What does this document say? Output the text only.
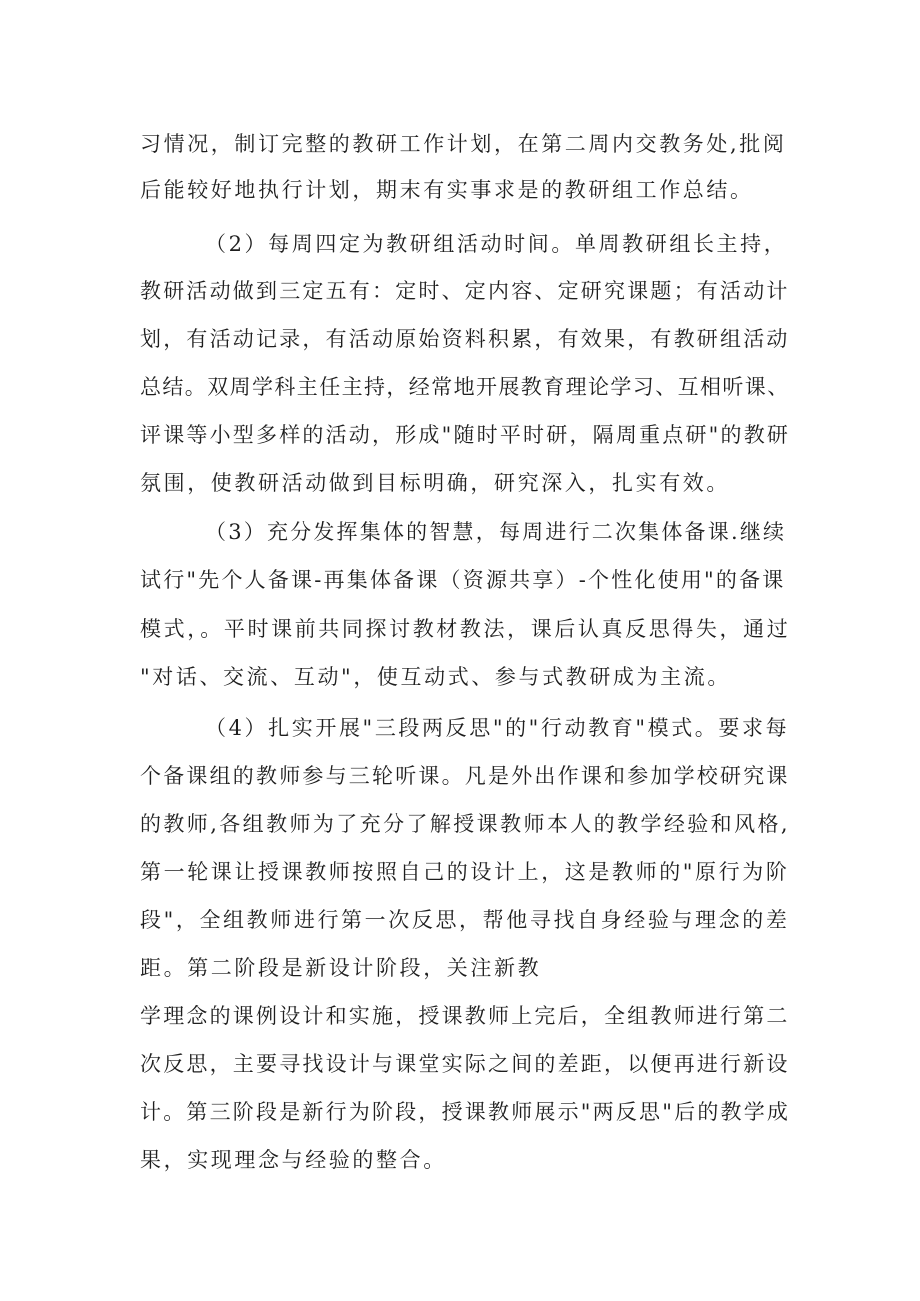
习情况，制订完整的教研工作计划，在第二周内交教务处,批阅
后能较好地执行计划，期末有实事求是的教研组工作总结。
（2）每周四定为教研组活动时间。单周教研组长主持，
教研活动做到三定五有：定时、定内容、定研究课题；有活动计
划，有活动记录，有活动原始资料积累，有效果，有教研组活动
总结。双周学科主任主持，经常地开展教育理论学习、互相听课、
评课等小型多样的活动，形成"随时平时研，隔周重点研"的教研
氛围，使教研活动做到目标明确，研究深入，扎实有效。
（3）充分发挥集体的智慧，每周进行二次集体备课.继续
试行"先个人备课-再集体备课（资源共享）-个性化使用"的备课
模式，。平时课前共同探讨教材教法，课后认真反思得失，通过
"对话、交流、互动"，使互动式、参与式教研成为主流。
（4）扎实开展"三段两反思"的"行动教育"模式。要求每
个备课组的教师参与三轮听课。凡是外出作课和参加学校研究课
的教师,各组教师为了充分了解授课教师本人的教学经验和风格,
第一轮课让授课教师按照自己的设计上，这是教师的"原行为阶
段"，全组教师进行第一次反思，帮他寻找自身经验与理念的差
距。第二阶段是新设计阶段，关注新教
学理念的课例设计和实施，授课教师上完后，全组教师进行第二
次反思，主要寻找设计与课堂实际之间的差距，以便再进行新设
计。第三阶段是新行为阶段，授课教师展示"两反思"后的教学成
果，实现理念与经验的整合。
